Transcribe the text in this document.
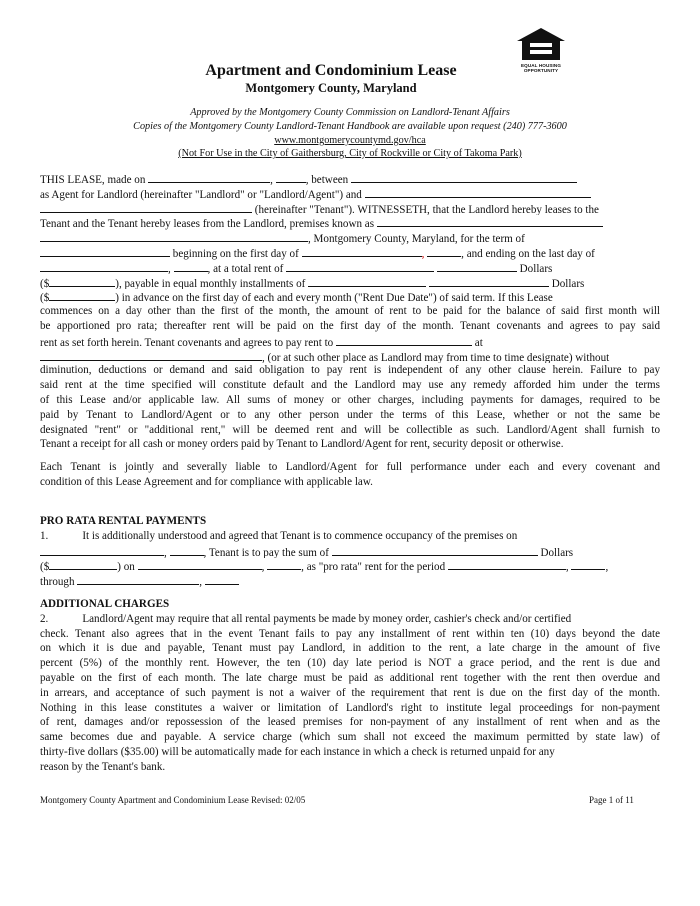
EQUAL HOUSING
OPPORTUNITY
Apartment and Condominium Lease
Montgomery County, Maryland
Approved by the Montgomery County Commission on Landlord-Tenant Affairs
Copies of the Montgomery County Landlord-Tenant Handbook are available upon request (240) 777-3600
www.montgomerycountymd.gov/hca
(Not For Use in the City of Gaithersburg, City of Rockville or City of Takoma Park)
THIS LEASE, made on	,	, between
as Agent for Landlord (hereinafter "Landlord" or "Landlord/Agent") and
(hereinafter "Tenant"). WITNESSETH, that the Landlord hereby leases to the
Tenant and the Tenant hereby leases from the Landlord, premises known as
, Montgomery County, Maryland, for the term of
beginning on the first day of	,	, and ending on the last day of
,	, at a total rent of	Dollars
($	), payable in equal monthly installments of	Dollars
($	) in advance on the first day of each and every month ("Rent Due Date") of said term. If this Lease
commences on a day other than the first of the month, the amount of rent to be paid for the balance of said first month will
be apportioned pro rata; thereafter rent will be paid on the first day of the month. Tenant covenants and agrees to pay said
rent as set forth herein. Tenant covenants and agrees to pay rent to	at
, (or at such other place as Landlord may from time to time designate) without
diminution, deductions or demand and said obligation to pay rent is independent of any other clause herein. Failure to pay
said rent at the time specified will constitute default and the Landlord may use any remedy afforded him under the terms
of this Lease and/or applicable law. All sums of money or other charges, including payments for damages, required to be
paid by Tenant to Landlord/Agent or to any other person under the terms of this Lease, whether or not the same be
designated "rent" or "additional rent," will be deemed rent and will be collectible as such. Landlord/Agent shall furnish to
Tenant a receipt for all cash or money orders paid by Tenant to Landlord/Agent for rent, security deposit or otherwise.
Each Tenant is jointly and severally liable to Landlord/Agent for full performance under each and every covenant and
condition of this Lease Agreement and for compliance with applicable law.
PRO RATA RENTAL PAYMENTS
1.	It is additionally understood and agreed that Tenant is to commence occupancy of the premises on
,	, Tenant is to pay the sum of	Dollars
($	) on	,	, as "pro rata" rent for the period	,	,
through	,
ADDITIONAL CHARGES
2.	Landlord/Agent may require that all rental payments be made by money order, cashier's check and/or certified
check. Tenant also agrees that in the event Tenant fails to pay any installment of rent within ten (10) days beyond the date
on which it is due and payable, Tenant must pay Landlord, in addition to the rent, a late charge in the amount of five
percent (5%) of the monthly rent. However, the ten (10) day late period is NOT a grace period, and the rent is due and
payable on the first of each month. The late charge must be paid as additional rent together with the rent then overdue and
in arrears, and acceptance of such payment is not a waiver of the requirement that rent is due on the first day of the month.
Nothing in this lease constitutes a waiver or limitation of Landlord's right to institute legal proceedings for non-payment
of rent, damages and/or repossession of the leased premises for non-payment of any installment of rent when and as the
same becomes due and payable. A service charge (which sum shall not exceed the maximum permitted by state law) of
thirty-five dollars ($35.00) will be automatically made for each instance in which a check is returned unpaid for any
reason by the Tenant's bank.
Montgomery County Apartment and Condominium Lease Revised: 02/05	Page 1 of 11
